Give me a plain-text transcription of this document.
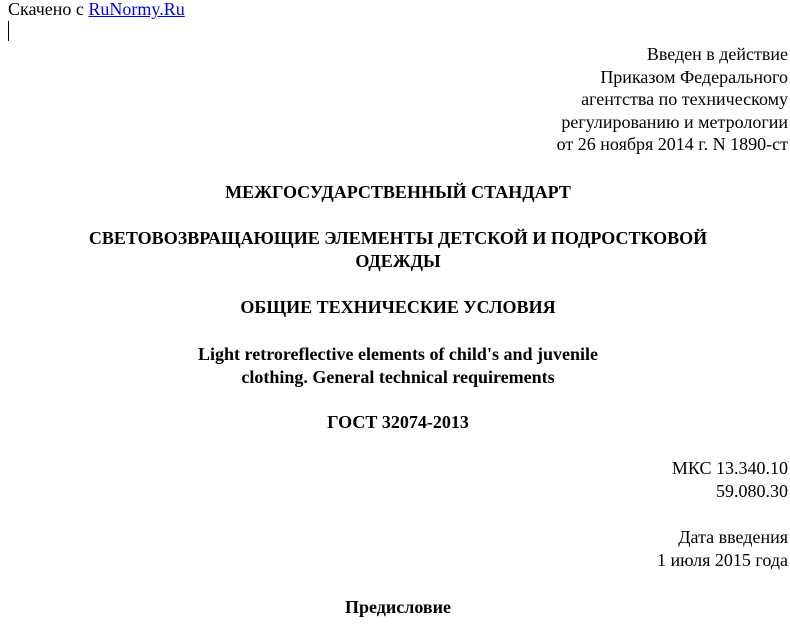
Скачено с RuNormy.Ru
Введен в действие
Приказом Федерального
агентства по техническому
регулированию и метрологии
от 26 ноября 2014 г. N 1890-ст
МЕЖГОСУДАРСТВЕННЫЙ СТАНДАРТ
СВЕТОВОЗВРАЩАЮЩИЕ ЭЛЕМЕНТЫ ДЕТСКОЙ И ПОДРОСТКОВОЙ
ОДЕЖДЫ
ОБЩИЕ ТЕХНИЧЕСКИЕ УСЛОВИЯ
Light retroreflective elements of child's and juvenile
clothing. General technical requirements
ГОСТ 32074-2013
МКС 13.340.10
59.080.30
Дата введения
1 июля 2015 года
Предисловие
